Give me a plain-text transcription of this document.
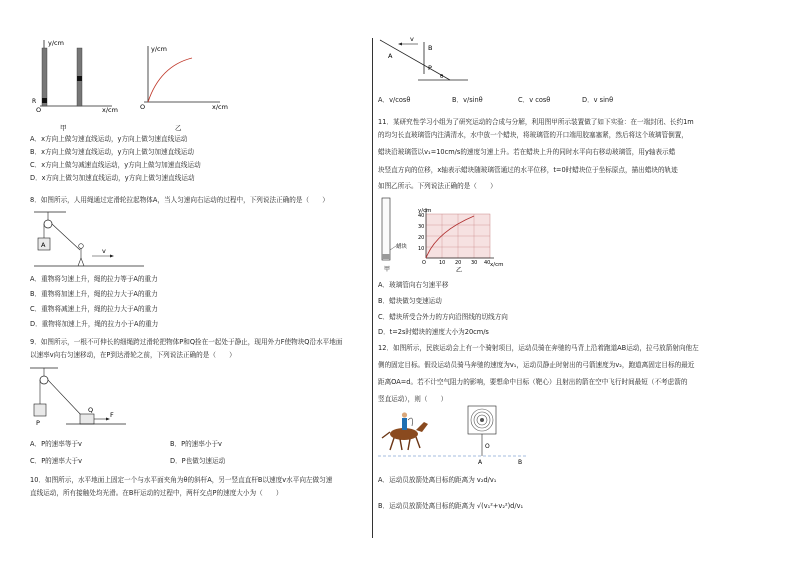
y/cm
x/cm
O
R
甲
y/cm
x/cm
O
乙
A．x方向上做匀速直线运动，y方向上做匀速直线运动
B．x方向上做匀速直线运动，y方向上做匀加速直线运动
C．x方向上做匀减速直线运动，y方向上做匀加速直线运动
D．x方向上做匀加速直线运动，y方向上做匀速直线运动
8．如图所示，人用绳通过定滑轮拉起物体A，当人匀速向右运动的过程中，下列说法正确的是（　　）
A
v
A．重物将匀速上升，绳的拉力等于A的重力
B．重物将加速上升，绳的拉力大于A的重力
C．重物将减速上升，绳的拉力大于A的重力
D．重物将加速上升，绳的拉力小于A的重力
9．如图所示，一根不可伸长的细绳跨过滑轮把物体P和Q拴在一起处于静止，现用外力F使物块Q沿水平地面
以速率v向右匀速移动，在P到达滑轮之前，下列说法正确的是（　　）
P
Q
F
A．P的速率等于v	B．P的速率小于v
C．P的速率大于v	D．P也做匀速运动
10．如图所示，水平地面上固定一个与水平面夹角为θ的斜杆A，另一竖直直杆B以速度v水平向左做匀速
直线运动，所有接触处均光滑。在B杆运动的过程中，两杆交点P的速度大小为（　　）
A
B
P
v
θ
A．v/cosθ	B．v/sinθ	C．v cosθ	D．v sinθ
11．某研究性学习小组为了研究运动的合成与分解，利用图甲所示装置做了如下实验：在一端封闭、长约1m
的均匀长直玻璃管内注满清水，水中放一个蜡块，将玻璃管的开口端用胶塞塞紧，然后将这个玻璃管倒置，
蜡块沿玻璃管以v₁=10cm/s的速度匀速上升。若在蜡块上升的同时水平向右移动玻璃管，用y轴表示蜡
块竖直方向的位移，x轴表示蜡块随玻璃管通过的水平位移，t=0时蜡块位于坐标原点，描出蜡块的轨迹
如图乙所示。下列说法正确的是（　　）
蜡块
甲
y/cm
x/cm
40
30
20
10
O	10 20 30 40
乙
A．玻璃管向右匀速平移
B．蜡块做匀变速运动
C．蜡块所受合外力的方向沿图线的切线方向
D．t=2s时蜡块的速度大小为20cm/s
12．如图所示，民族运动会上有一个骑射项目，运动员骑在奔驰的马背上沿着跑道AB运动，拉弓放箭射向他左
侧的固定目标。假设运动员骑马奔驰的速度为v₁，运动员静止时射出的弓箭速度为v₂，跑道离固定目标的最近
距离OA=d。若不计空气阻力的影响，要想命中目标（靶心）且射出的箭在空中飞行时间最短（不考虑箭的
竖直运动），则（　　）
O
A	B
A．运动员放箭处离目标的距离为 v₂d/v₁
B．运动员放箭处离目标的距离为 √(v₁²+v₂²)d/v₁
